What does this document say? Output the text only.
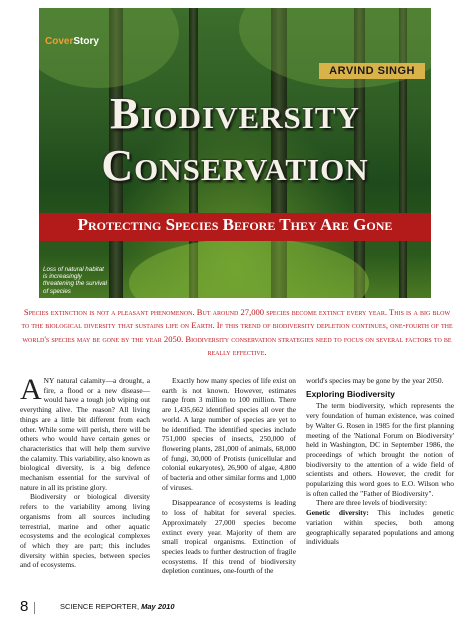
CoverStory
ARVIND SINGH
Biodiversity
Conservation
Protecting Species Before They Are Gone
Loss of natural habitat is increasingly threatening the survival of species
Species extinction is not a pleasant phenomenon. But around 27,000 species become extinct every year. This is a big blow to the biological diversity that sustains life on Earth. If this trend of biodiversity depletion continues, one-fourth of the world's species may be gone by the year 2050. Biodiversity conservation strategies need to focus on several factors to be really effective.

ANY natural calamity—a drought, a fire, a flood or a new disease—would have a tough job wiping out everything alive. The reason? All living things are a little bit different from each other. While some will perish, there will be others who would have certain genes or characteristics that will help them survive the calamity. This variability, also known as biological diversity, is a big defence mechanism essential for the survival of nature in all its pristine glory.

Biodiversity or biological diversity refers to the variability among living organisms from all sources including terrestrial, marine and other aquatic ecosystems and the ecological complexes of which they are part; this includes diversity within species, between species and of ecosystems.

Exactly how many species of life exist on earth is not known. However, estimates range from 3 million to 100 million. There are 1,435,662 identified species all over the world. A large number of species are yet to be identified. The identified species include 751,000 species of insects, 250,000 of flowering plants, 281,000 of animals, 68,000 of fungi, 30,000 of Protists (unicellular and colonial eukaryotes), 26,900 of algae, 4,800 of bacteria and other similar forms and 1,000 of viruses.

Disappearance of ecosystems is leading to loss of habitat for several species. Approximately 27,000 species become extinct every year. Majority of them are small tropical organisms. Extinction of species leads to further destruction of fragile ecosystems. If this trend of biodiversity depletion continues, one-fourth of the

world's species may be gone by the year 2050.

Exploring Biodiversity

The term biodiversity, which represents the very foundation of human existence, was coined by Walter G. Rosen in 1985 for the first planning meeting of the 'National Forum on Biodiversity' held in Washington, DC in September 1986, the proceedings of which brought the notion of biodiversity to the attention of a wide field of scientists and others. However, the credit for popularizing this word goes to E.O. Wilson who is often called the "Father of Biodiversity".

There are three levels of biodiversity:

Genetic diversity: This includes genetic variation within species, both among geographically separated populations and among individuals

8	SCIENCE REPORTER, May 2010
